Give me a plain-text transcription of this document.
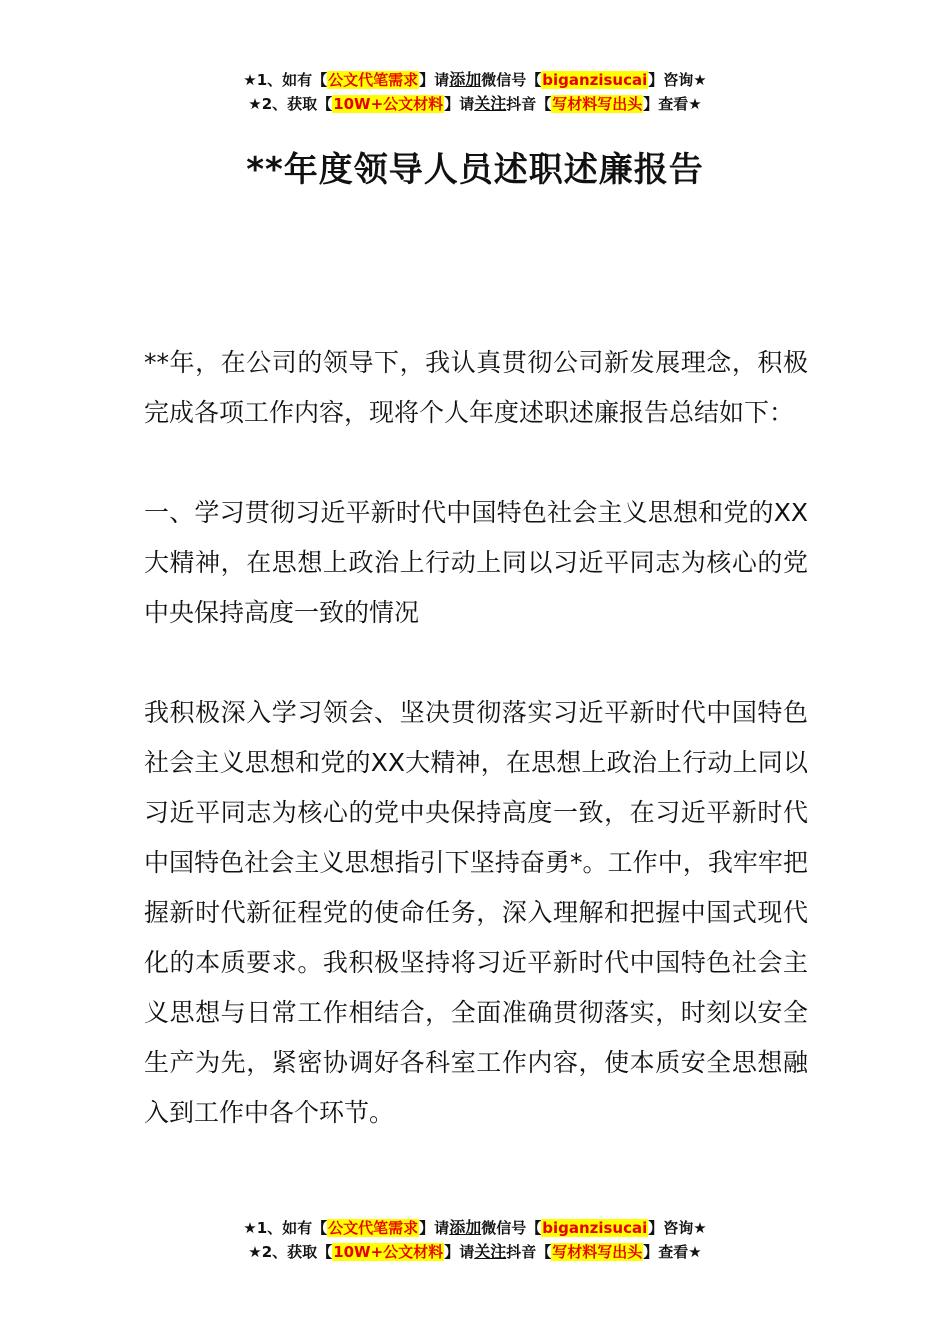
★1、如有【公文代笔需求】请添加微信号【biganzisucai】咨询★
★2、获取【10W+公文材料】请关注抖音【写材料写出头】查看★
**年度领导人员述职述廉报告

**年，在公司的领导下，我认真贯彻公司新发展理念，积极完成各项工作内容，现将个人年度述职述廉报告总结如下：

一、学习贯彻习近平新时代中国特色社会主义思想和党的XX大精神，在思想上政治上行动上同以习近平同志为核心的党中央保持高度一致的情况

我积极深入学习领会、坚决贯彻落实习近平新时代中国特色社会主义思想和党的XX大精神，在思想上政治上行动上同以习近平同志为核心的党中央保持高度一致，在习近平新时代中国特色社会主义思想指引下坚持奋勇*。工作中，我牢牢把握新时代新征程党的使命任务，深入理解和把握中国式现代化的本质要求。我积极坚持将习近平新时代中国特色社会主义思想与日常工作相结合，全面准确贯彻落实，时刻以安全生产为先，紧密协调好各科室工作内容，使本质安全思想融入到工作中各个环节。

★1、如有【公文代笔需求】请添加微信号【biganzisucai】咨询★
★2、获取【10W+公文材料】请关注抖音【写材料写出头】查看★
